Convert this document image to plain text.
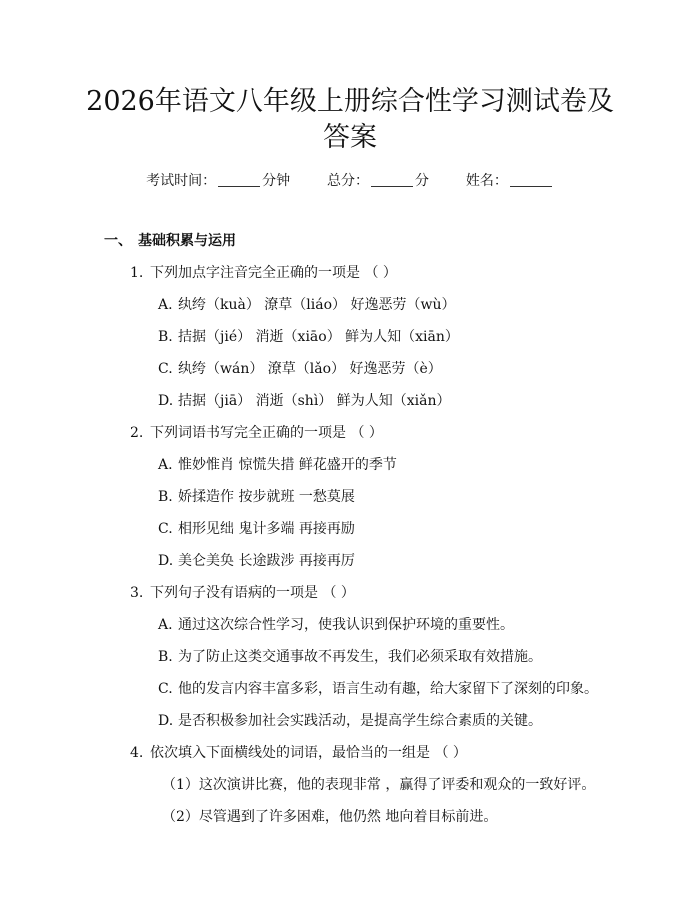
2026年语文八年级上册综合性学习测试卷及
答案
考试时间：	分钟	总分：	分	姓名：
一、 基础积累与运用
1. 下列加点字注音完全正确的一项是 （ ）
A. 纨绔（kuà） 潦草（liáo） 好逸恶劳（wù）
B. 拮据（jié） 消逝（xiāo） 鲜为人知（xiān）
C. 纨绔（wán） 潦草（lǎo） 好逸恶劳（è）
D. 拮据（jiā） 消逝（shì） 鲜为人知（xiǎn）
2. 下列词语书写完全正确的一项是 （ ）
A. 惟妙惟肖 惊慌失措 鲜花盛开的季节
B. 娇揉造作 按步就班 一愁莫展
C. 相形见绌 鬼计多端 再接再励
D. 美仑美奂 长途跋涉 再接再厉
3. 下列句子没有语病的一项是 （ ）
A. 通过这次综合性学习，使我认识到保护环境的重要性。
B. 为了防止这类交通事故不再发生，我们必须采取有效措施。
C. 他的发言内容丰富多彩，语言生动有趣，给大家留下了深刻的印象。
D. 是否积极参加社会实践活动，是提高学生综合素质的关键。
4. 依次填入下面横线处的词语，最恰当的一组是 （ ）
（1）这次演讲比赛，他的表现非常 ，赢得了评委和观众的一致好评。
（2）尽管遇到了许多困难，他仍然 地向着目标前进。
